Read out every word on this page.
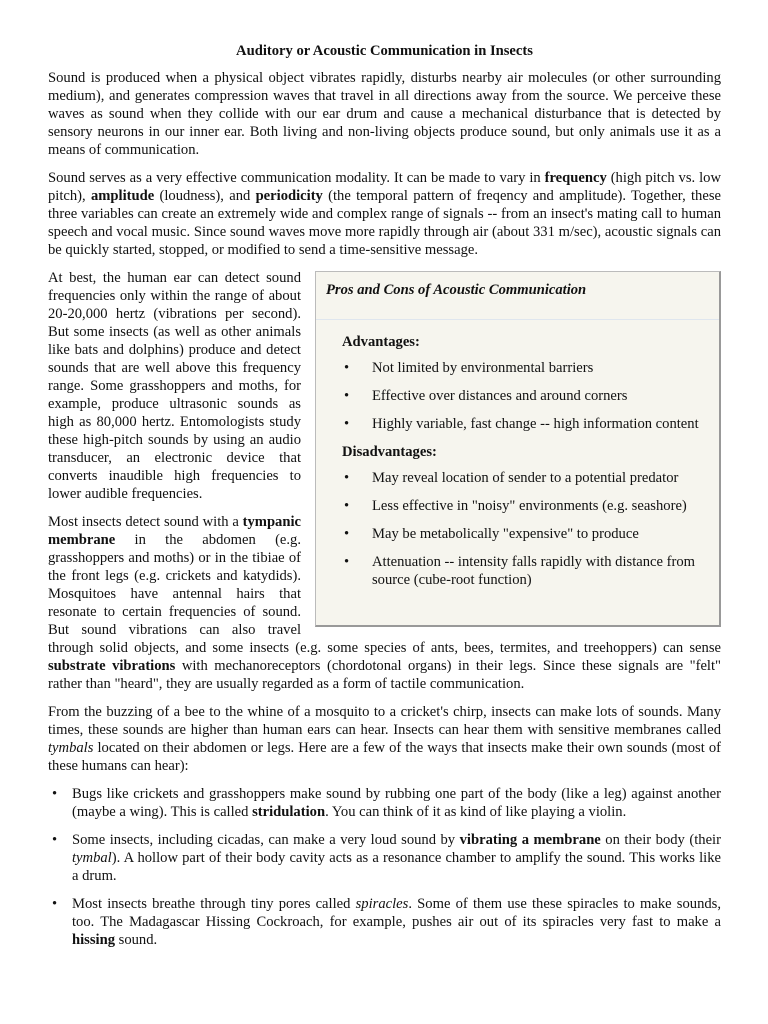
Auditory or Acoustic Communication in Insects

Sound is produced when a physical object vibrates rapidly, disturbs nearby air molecules (or other surrounding medium), and generates compression waves that travel in all directions away from the source. We perceive these waves as sound when they collide with our ear drum and cause a mechanical disturbance that is detected by sensory neurons in our inner ear. Both living and non-living objects produce sound, but only animals use it as a means of communication.

Sound serves as a very effective communication modality. It can be made to vary in frequency (high pitch vs. low pitch), amplitude (loudness), and periodicity (the temporal pattern of freqency and amplitude). Together, these three variables can create an extremely wide and complex range of signals -- from an insect's mating call to human speech and vocal music. Since sound waves move more rapidly through air (about 331 m/sec), acoustic signals can be quickly started, stopped, or modified to send a time-sensitive message.

Pros and Cons of Acoustic Communication
Advantages:
• Not limited by environmental barriers
• Effective over distances and around corners
• Highly variable, fast change -- high information content
Disadvantages:
• May reveal location of sender to a potential predator
• Less effective in "noisy" environments (e.g. seashore)
• May be metabolically "expensive" to produce
• Attenuation -- intensity falls rapidly with distance from source (cube-root function)

At best, the human ear can detect sound frequencies only within the range of about 20-20,000 hertz (vibrations per second). But some insects (as well as other animals like bats and dolphins) produce and detect sounds that are well above this frequency range. Some grasshoppers and moths, for example, produce ultrasonic sounds as high as 80,000 hertz. Entomologists study these high-pitch sounds by using an audio transducer, an electronic device that converts inaudible high frequencies to lower audible frequencies.

Most insects detect sound with a tympanic membrane in the abdomen (e.g. grasshoppers and moths) or in the tibiae of the front legs (e.g. crickets and katydids). Mosquitoes have antennal hairs that resonate to certain frequencies of sound. But sound vibrations can also travel through solid objects, and some insects (e.g. some species of ants, bees, termites, and treehoppers) can sense substrate vibrations with mechanoreceptors (chordotonal organs) in their legs. Since these signals are "felt" rather than "heard", they are usually regarded as a form of tactile communication.

From the buzzing of a bee to the whine of a mosquito to a cricket's chirp, insects can make lots of sounds. Many times, these sounds are higher than human ears can hear. Insects can hear them with sensitive membranes called tymbals located on their abdomen or legs. Here are a few of the ways that insects make their own sounds (most of these humans can hear):

• Bugs like crickets and grasshoppers make sound by rubbing one part of the body (like a leg) against another (maybe a wing). This is called stridulation. You can think of it as kind of like playing a violin.
• Some insects, including cicadas, can make a very loud sound by vibrating a membrane on their body (their tymbal). A hollow part of their body cavity acts as a resonance chamber to amplify the sound. This works like a drum.
• Most insects breathe through tiny pores called spiracles. Some of them use these spiracles to make sounds, too. The Madagascar Hissing Cockroach, for example, pushes air out of its spiracles very fast to make a hissing sound.
